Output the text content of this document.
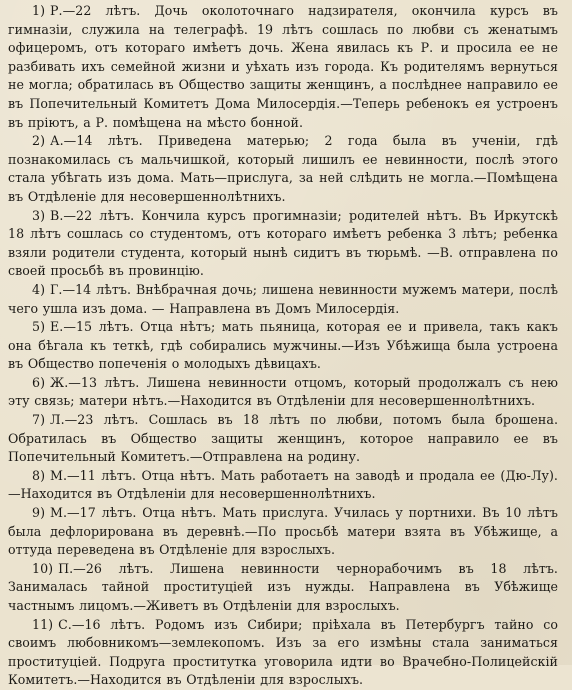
1) Р.—22 лѣтъ. Дочь околоточнаго надзирателя, окончила курсъ въ гимназіи, служила на телеграфѣ. 19 лѣтъ сошлась по любви съ женатымъ офицеромъ, отъ котораго имѣетъ дочь. Жена явилась къ Р. и просила ее не разбивать ихъ семейной жизни и уѣхать изъ города. Къ родителямъ вернуться не могла; обратилась въ Общество защиты женщинъ, а послѣднее направило ее въ Попечительный Комитетъ Дома Милосердія.—Теперь ребенокъ ея устроенъ въ пріютъ, а Р. помѣщена на мѣсто бонной.

2) А.—14 лѣтъ. Приведена матерью; 2 года была въ ученіи, гдѣ познакомилась съ мальчишкой, который лишилъ ее невинности, послѣ этого стала убѣгать изъ дома. Мать—прислуга, за ней слѣдить не могла.—Помѣщена въ Отдѣленіе для несовершеннолѣтнихъ.

3) В.—22 лѣтъ. Кончила курсъ прогимназіи; родителей нѣтъ. Въ Иркутскѣ 18 лѣтъ сошлась со студентомъ, отъ котораго имѣетъ ребенка 3 лѣтъ; ребенка взяли родители студента, который нынѣ сидитъ въ тюрьмѣ. —В. отправлена по своей просьбѣ въ провинцію.

4) Г.—14 лѣтъ. Внѣбрачная дочь; лишена невинности мужемъ матери, послѣ чего ушла изъ дома. — Направлена въ Домъ Милосердія.

5) Е.—15 лѣтъ. Отца нѣтъ; мать пьяница, которая ее и привела, такъ какъ она бѣгала къ теткѣ, гдѣ собирались мужчины.—Изъ Убѣжища была устроена въ Общество попеченія о молодыхъ дѣвицахъ.

6) Ж.—13 лѣтъ. Лишена невинности отцомъ, который продолжалъ съ нею эту связь; матери нѣтъ.—Находится въ Отдѣленіи для несовершеннолѣтнихъ.

7) Л.—23 лѣтъ. Сошлась въ 18 лѣтъ по любви, потомъ была брошена. Обратилась въ Общество защиты женщинъ, которое направило ее въ Попечительный Комитетъ.—Отправлена на родину.

8) М.—11 лѣтъ. Отца нѣтъ. Мать работаетъ на заводѣ и продала ее (Дю-Лу).—Находится въ Отдѣленіи для несовершеннолѣтнихъ.

9) М.—17 лѣтъ. Отца нѣтъ. Мать прислуга. Училась у портнихи. Въ 10 лѣтъ была дефлорирована въ деревнѣ.—По просьбѣ матери взята въ Убѣжище, а оттуда переведена въ Отдѣленіе для взрослыхъ.

10) П.—26 лѣтъ. Лишена невинности чернорабочимъ въ 18 лѣтъ. Занималась тайной проституціей изъ нужды. Направлена въ Убѣжище частнымъ лицомъ.—Живетъ въ Отдѣленіи для взрослыхъ.

11) С.—16 лѣтъ. Родомъ изъ Сибири; пріѣхала въ Петербургъ тайно со своимъ любовникомъ—землекопомъ. Изъ за его измѣны стала заниматься проституціей. Подруга проститутка уговорила идти во Врачебно-Полицейскій Комитетъ.—Находится въ Отдѣленіи для взрослыхъ.
